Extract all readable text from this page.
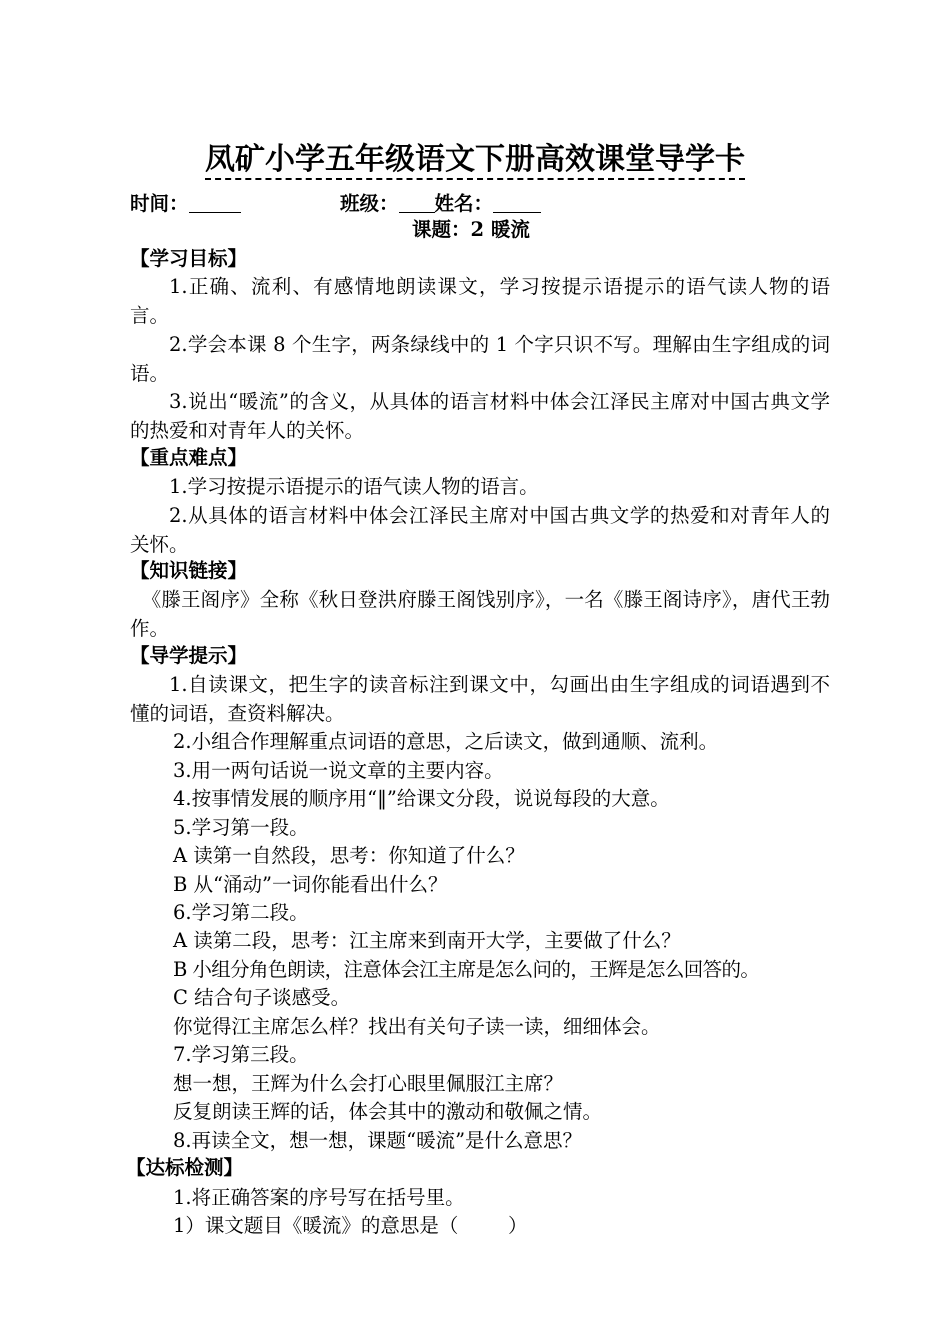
凤矿小学五年级语文下册高效课堂导学卡
时间：	班级： 姓名：
课题：2 暖流
【学习目标】
1.正确、流利、有感情地朗读课文，学习按提示语提示的语气读人物的语言。
2.学会本课 8 个生字，两条绿线中的 1 个字只识不写。理解由生字组成的词语。
3.说出“暖流”的含义，从具体的语言材料中体会江泽民主席对中国古典文学的热爱和对青年人的关怀。
【重点难点】
1.学习按提示语提示的语气读人物的语言。
2.从具体的语言材料中体会江泽民主席对中国古典文学的热爱和对青年人的关怀。
【知识链接】
《滕王阁序》全称《秋日登洪府滕王阁饯别序》，一名《滕王阁诗序》，唐代王勃作。
【导学提示】
1.自读课文，把生字的读音标注到课文中，勾画出由生字组成的词语遇到不懂的词语，查资料解决。
2.小组合作理解重点词语的意思，之后读文，做到通顺、流利。
3.用一两句话说一说文章的主要内容。
4.按事情发展的顺序用“‖”给课文分段，说说每段的大意。
5.学习第一段。
A 读第一自然段，思考：你知道了什么？
B 从“涌动”一词你能看出什么？
6.学习第二段。
A 读第二段，思考：江主席来到南开大学，主要做了什么？
B 小组分角色朗读，注意体会江主席是怎么问的，王辉是怎么回答的。
C 结合句子谈感受。
你觉得江主席怎么样？找出有关句子读一读，细细体会。
7.学习第三段。
想一想，王辉为什么会打心眼里佩服江主席？
反复朗读王辉的话，体会其中的激动和敬佩之情。
8.再读全文，想一想，课题“暖流”是什么意思？
【达标检测】
1.将正确答案的序号写在括号里。
1）课文题目《暖流》的意思是（        ）
